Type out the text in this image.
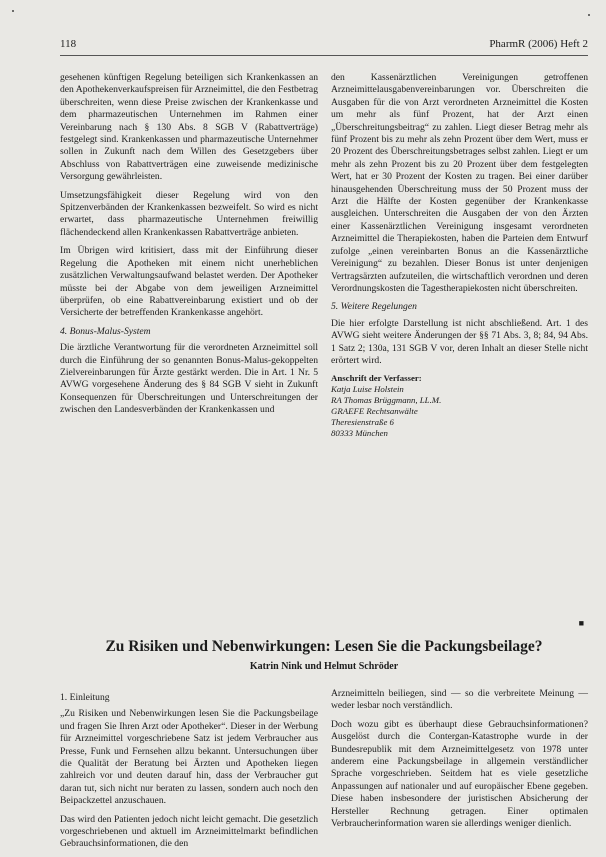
118	PharmR (2006) Heft 2

gesehenen künftigen Regelung beteiligen sich Krankenkassen an den Apothekenverkaufspreisen für Arzneimittel, die den Festbetrag überschreiten, wenn diese Preise zwischen der Krankenkasse und dem pharmazeutischen Unternehmen im Rahmen einer Vereinbarung nach § 130 Abs. 8 SGB V (Rabattverträge) festgelegt sind. Krankenkassen und pharmazeutische Unternehmer sollen in Zukunft nach dem Willen des Gesetzgebers über Abschluss von Rabattverträgen eine zuweisende medizinische Versorgung gewährleisten.

Umsetzungsfähigkeit dieser Regelung wird von den Spitzenverbänden der Krankenkassen bezweifelt. So wird es nicht erwartet, dass pharmazeutische Unternehmen freiwillig flächendeckend allen Krankenkassen Rabattverträge anbieten.

Im Übrigen wird kritisiert, dass mit der Einführung dieser Regelung die Apotheken mit einem nicht unerheblichen zusätzlichen Verwaltungsaufwand belastet werden. Der Apotheker müsste bei der Abgabe von dem jeweiligen Arzneimittel überprüfen, ob eine Rabattvereinbarung existiert und ob der Versicherte der betreffenden Krankenkasse angehört.

4. Bonus-Malus-System

Die ärztliche Verantwortung für die verordneten Arzneimittel soll durch die Einführung der so genannten Bonus-Malus-gekoppelten Zielvereinbarungen für Ärzte gestärkt werden. Die in Art. 1 Nr. 5 AVWG vorgesehene Änderung des § 84 SGB V sieht in Zukunft Konsequenzen für Überschreitungen und Unterschreitungen der zwischen den Landesverbänden der Krankenkassen und

den Kassenärztlichen Vereinigungen getroffenen Arzneimittelausgabenvereinbarungen vor. Überschreiten die Ausgaben für die von Arzt verordneten Arzneimittel die Kosten um mehr als fünf Prozent, hat der Arzt einen „Überschreitungsbeitrag“ zu zahlen. Liegt dieser Betrag mehr als fünf Prozent bis zu mehr als zehn Prozent über dem Wert, muss er 20 Prozent des Überschreitungsbetrages selbst zahlen. Liegt er um mehr als zehn Prozent bis zu 20 Prozent über dem festgelegten Wert, hat er 30 Prozent der Kosten zu tragen. Bei einer darüber hinausgehenden Überschreitung muss der 50 Prozent muss der Arzt die Hälfte der Kosten gegenüber der Krankenkasse ausgleichen. Unterschreiten die Ausgaben der von den Ärzten einer Kassenärztlichen Vereinigung insgesamt verordneten Arzneimittel die Therapiekosten, haben die Parteien dem Entwurf zufolge „einen vereinbarten Bonus an die Kassenärztliche Vereinigung“ zu bezahlen. Dieser Bonus ist unter denjenigen Vertragsärzten aufzuteilen, die wirtschaftlich verordnen und deren Verordnungskosten die Tagestherapiekosten nicht überschreiten.

5. Weitere Regelungen

Die hier erfolgte Darstellung ist nicht abschließend. Art. 1 des AVWG sieht weitere Änderungen der §§ 71 Abs. 3, 8; 84, 94 Abs. 1 Satz 2; 130a, 131 SGB V vor, deren Inhalt an dieser Stelle nicht erörtert wird.

Anschrift der Verfasser:
Katja Luise Holstein
RA Thomas Brüggmann, LL.M.
GRAEFE Rechtsanwälte
Theresienstraße 6
80333 München
■
Zu Risiken und Nebenwirkungen: Lesen Sie die Packungsbeilage?
Katrin Nink und Helmut Schröder
1. Einleitung

„Zu Risiken und Nebenwirkungen lesen Sie die Packungsbeilage und fragen Sie Ihren Arzt oder Apotheker“. Dieser in der Werbung für Arzneimittel vorgeschriebene Satz ist jedem Verbraucher aus Presse, Funk und Fernsehen allzu bekannt. Untersuchungen über die Qualität der Beratung bei Ärzten und Apotheken liegen zahlreich vor und deuten darauf hin, dass der Verbraucher gut daran tut, sich nicht nur beraten zu lassen, sondern auch noch den Beipackzettel anzuschauen.

Das wird den Patienten jedoch nicht leicht gemacht. Die gesetzlich vorgeschriebenen und aktuell im Arzneimittelmarkt befindlichen Gebrauchsinformationen, die den

Arzneimitteln beiliegen, sind — so die verbreitete Meinung — weder lesbar noch verständlich.

Doch wozu gibt es überhaupt diese Gebrauchsinformationen? Ausgelöst durch die Contergan-Katastrophe wurde in der Bundesrepublik mit dem Arzneimittelgesetz von 1978 unter anderem eine Packungsbeilage in allgemein verständlicher Sprache vorgeschrieben. Seitdem hat es viele gesetzliche Anpassungen auf nationaler und auf europäischer Ebene gegeben. Diese haben insbesondere der juristischen Absicherung der Hersteller Rechnung getragen. Einer optimalen Verbraucherinformation waren sie allerdings weniger dienlich.
